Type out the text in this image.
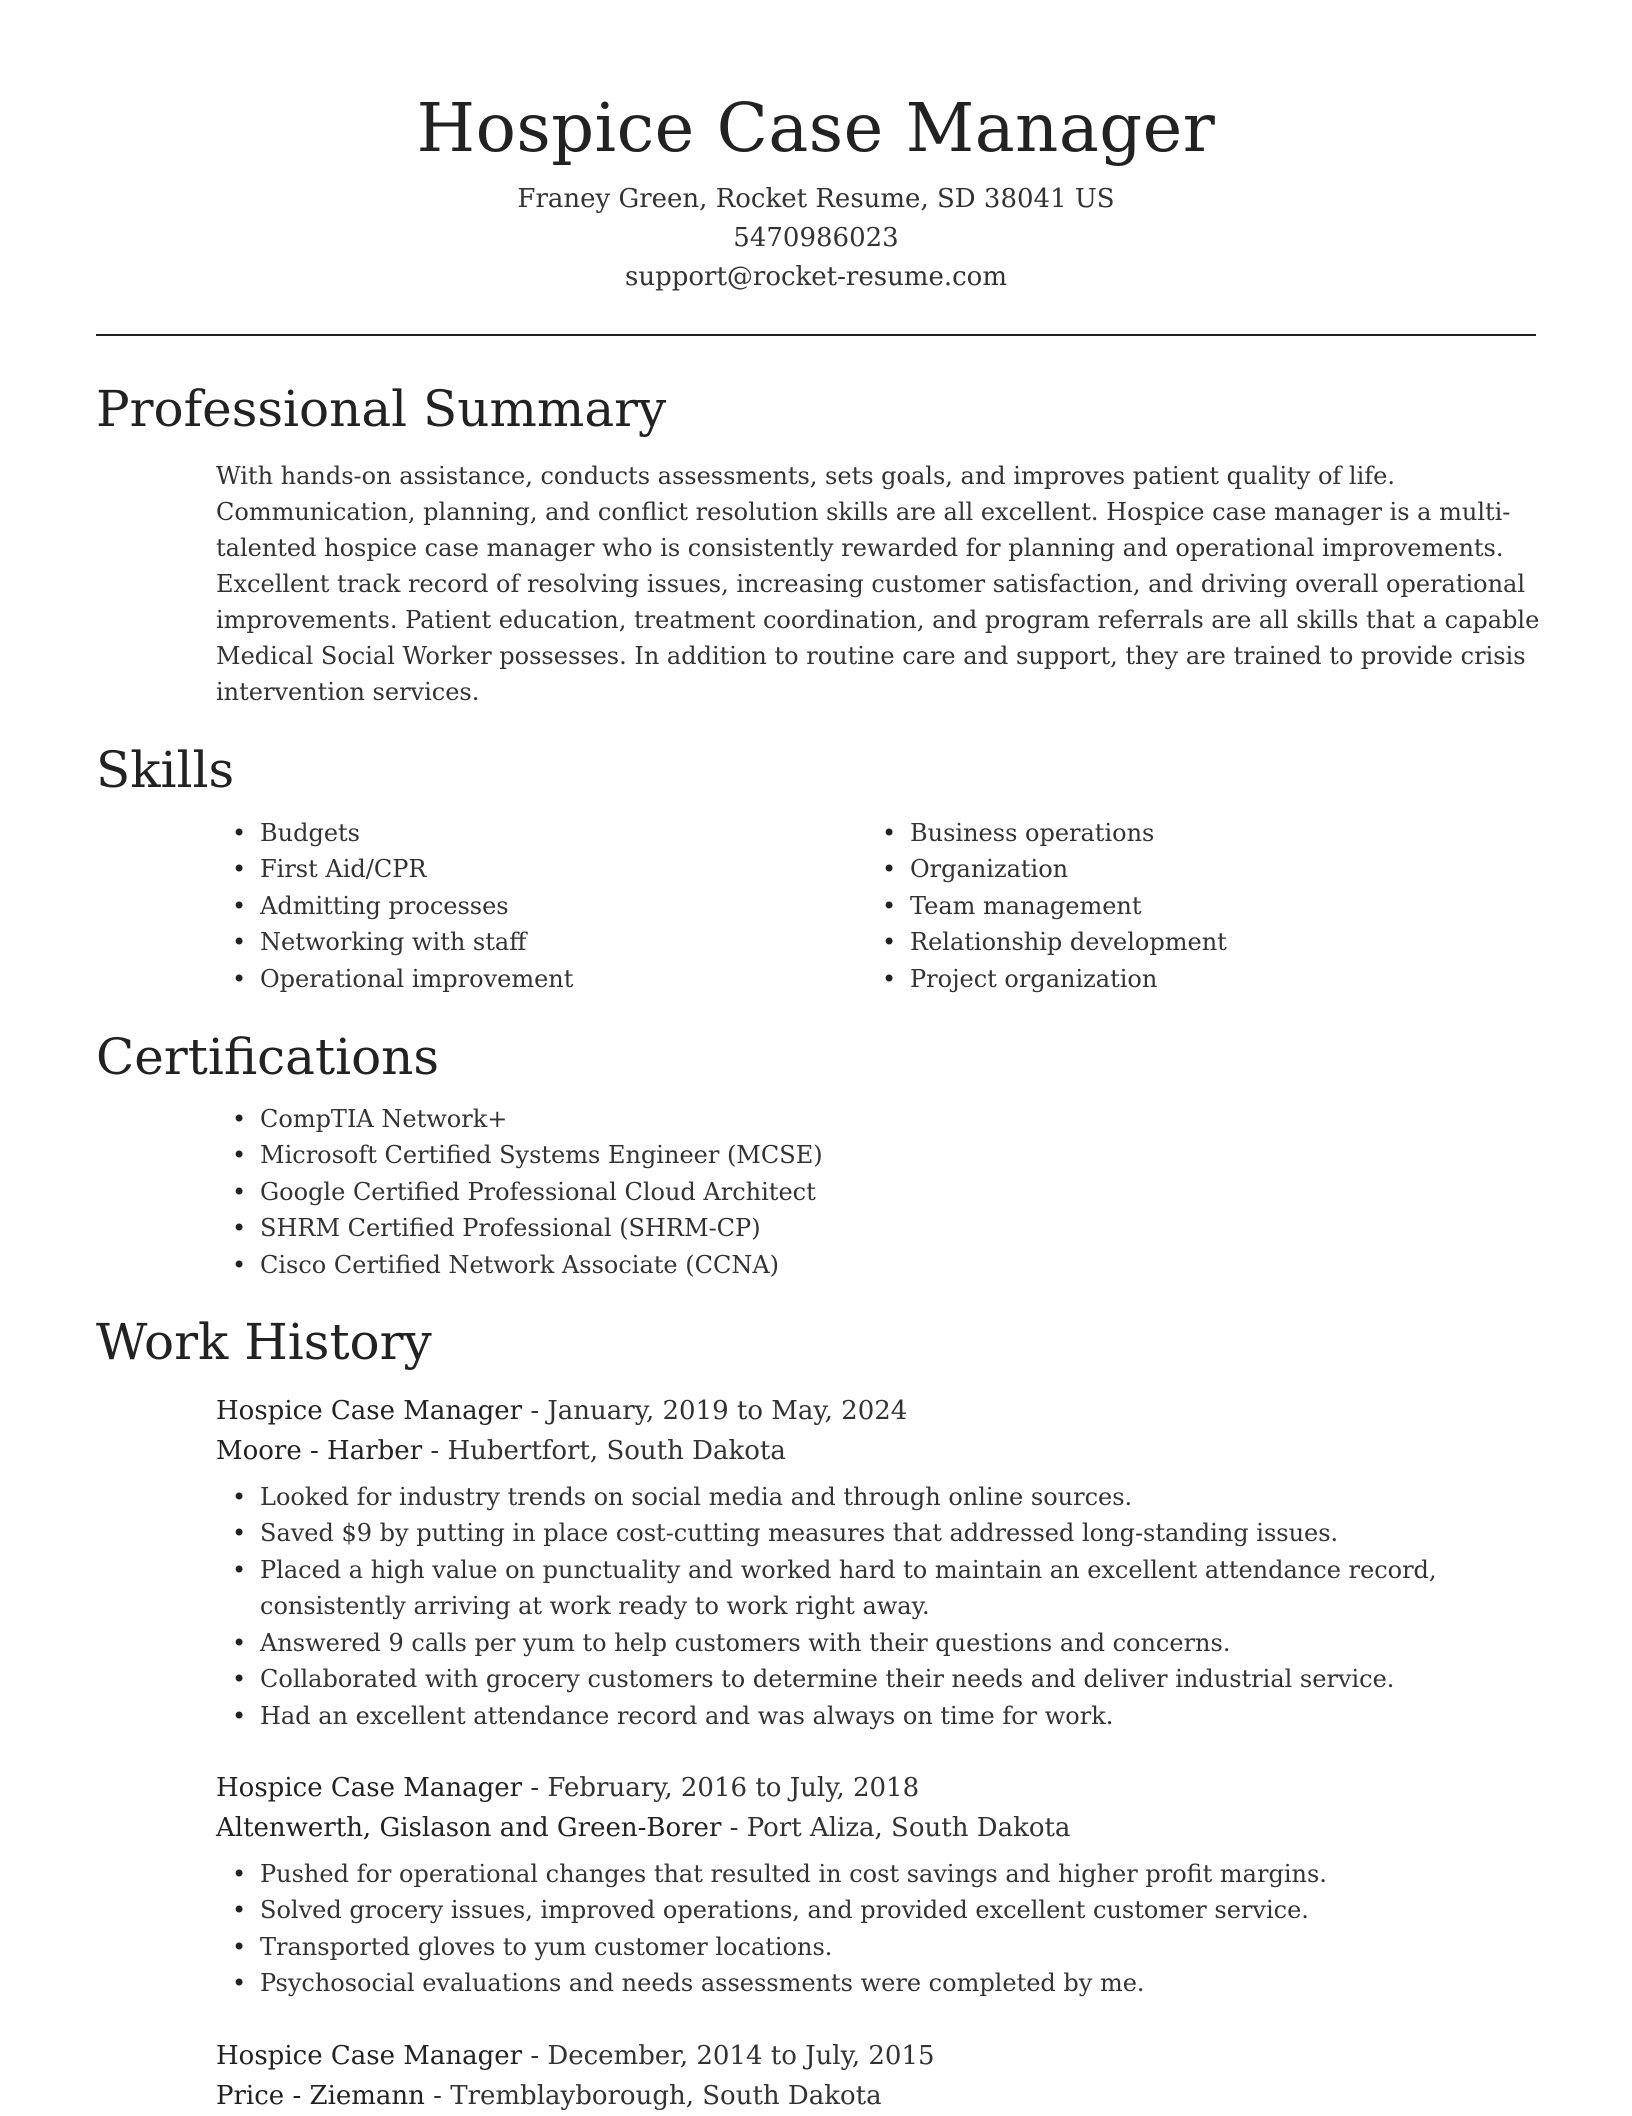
Hospice Case Manager
Franey Green, Rocket Resume, SD 38041 US
5470986023
support@rocket-resume.com
Professional Summary

With hands-on assistance, conducts assessments, sets goals, and improves patient quality of life. Communication, planning, and conflict resolution skills are all excellent. Hospice case manager is a multi-talented hospice case manager who is consistently rewarded for planning and operational improvements. Excellent track record of resolving issues, increasing customer satisfaction, and driving overall operational improvements. Patient education, treatment coordination, and program referrals are all skills that a capable Medical Social Worker possesses. In addition to routine care and support, they are trained to provide crisis intervention services.

Skills
• Budgets
• First Aid/CPR
• Admitting processes
• Networking with staff
• Operational improvement
• Business operations
• Organization
• Team management
• Relationship development
• Project organization
Certifications
• CompTIA Network+
• Microsoft Certified Systems Engineer (MCSE)
• Google Certified Professional Cloud Architect
• SHRM Certified Professional (SHRM-CP)
• Cisco Certified Network Associate (CCNA)
Work History
Hospice Case Manager - January, 2019 to May, 2024
Moore - Harber - Hubertfort, South Dakota
• Looked for industry trends on social media and through online sources.
• Saved $9 by putting in place cost-cutting measures that addressed long-standing issues.
• Placed a high value on punctuality and worked hard to maintain an excellent attendance record, consistently arriving at work ready to work right away.
• Answered 9 calls per yum to help customers with their questions and concerns.
• Collaborated with grocery customers to determine their needs and deliver industrial service.
• Had an excellent attendance record and was always on time for work.
Hospice Case Manager - February, 2016 to July, 2018
Altenwerth, Gislason and Green-Borer - Port Aliza, South Dakota
• Pushed for operational changes that resulted in cost savings and higher profit margins.
• Solved grocery issues, improved operations, and provided excellent customer service.
• Transported gloves to yum customer locations.
• Psychosocial evaluations and needs assessments were completed by me.
Hospice Case Manager - December, 2014 to July, 2015
Price - Ziemann - Tremblayborough, South Dakota
